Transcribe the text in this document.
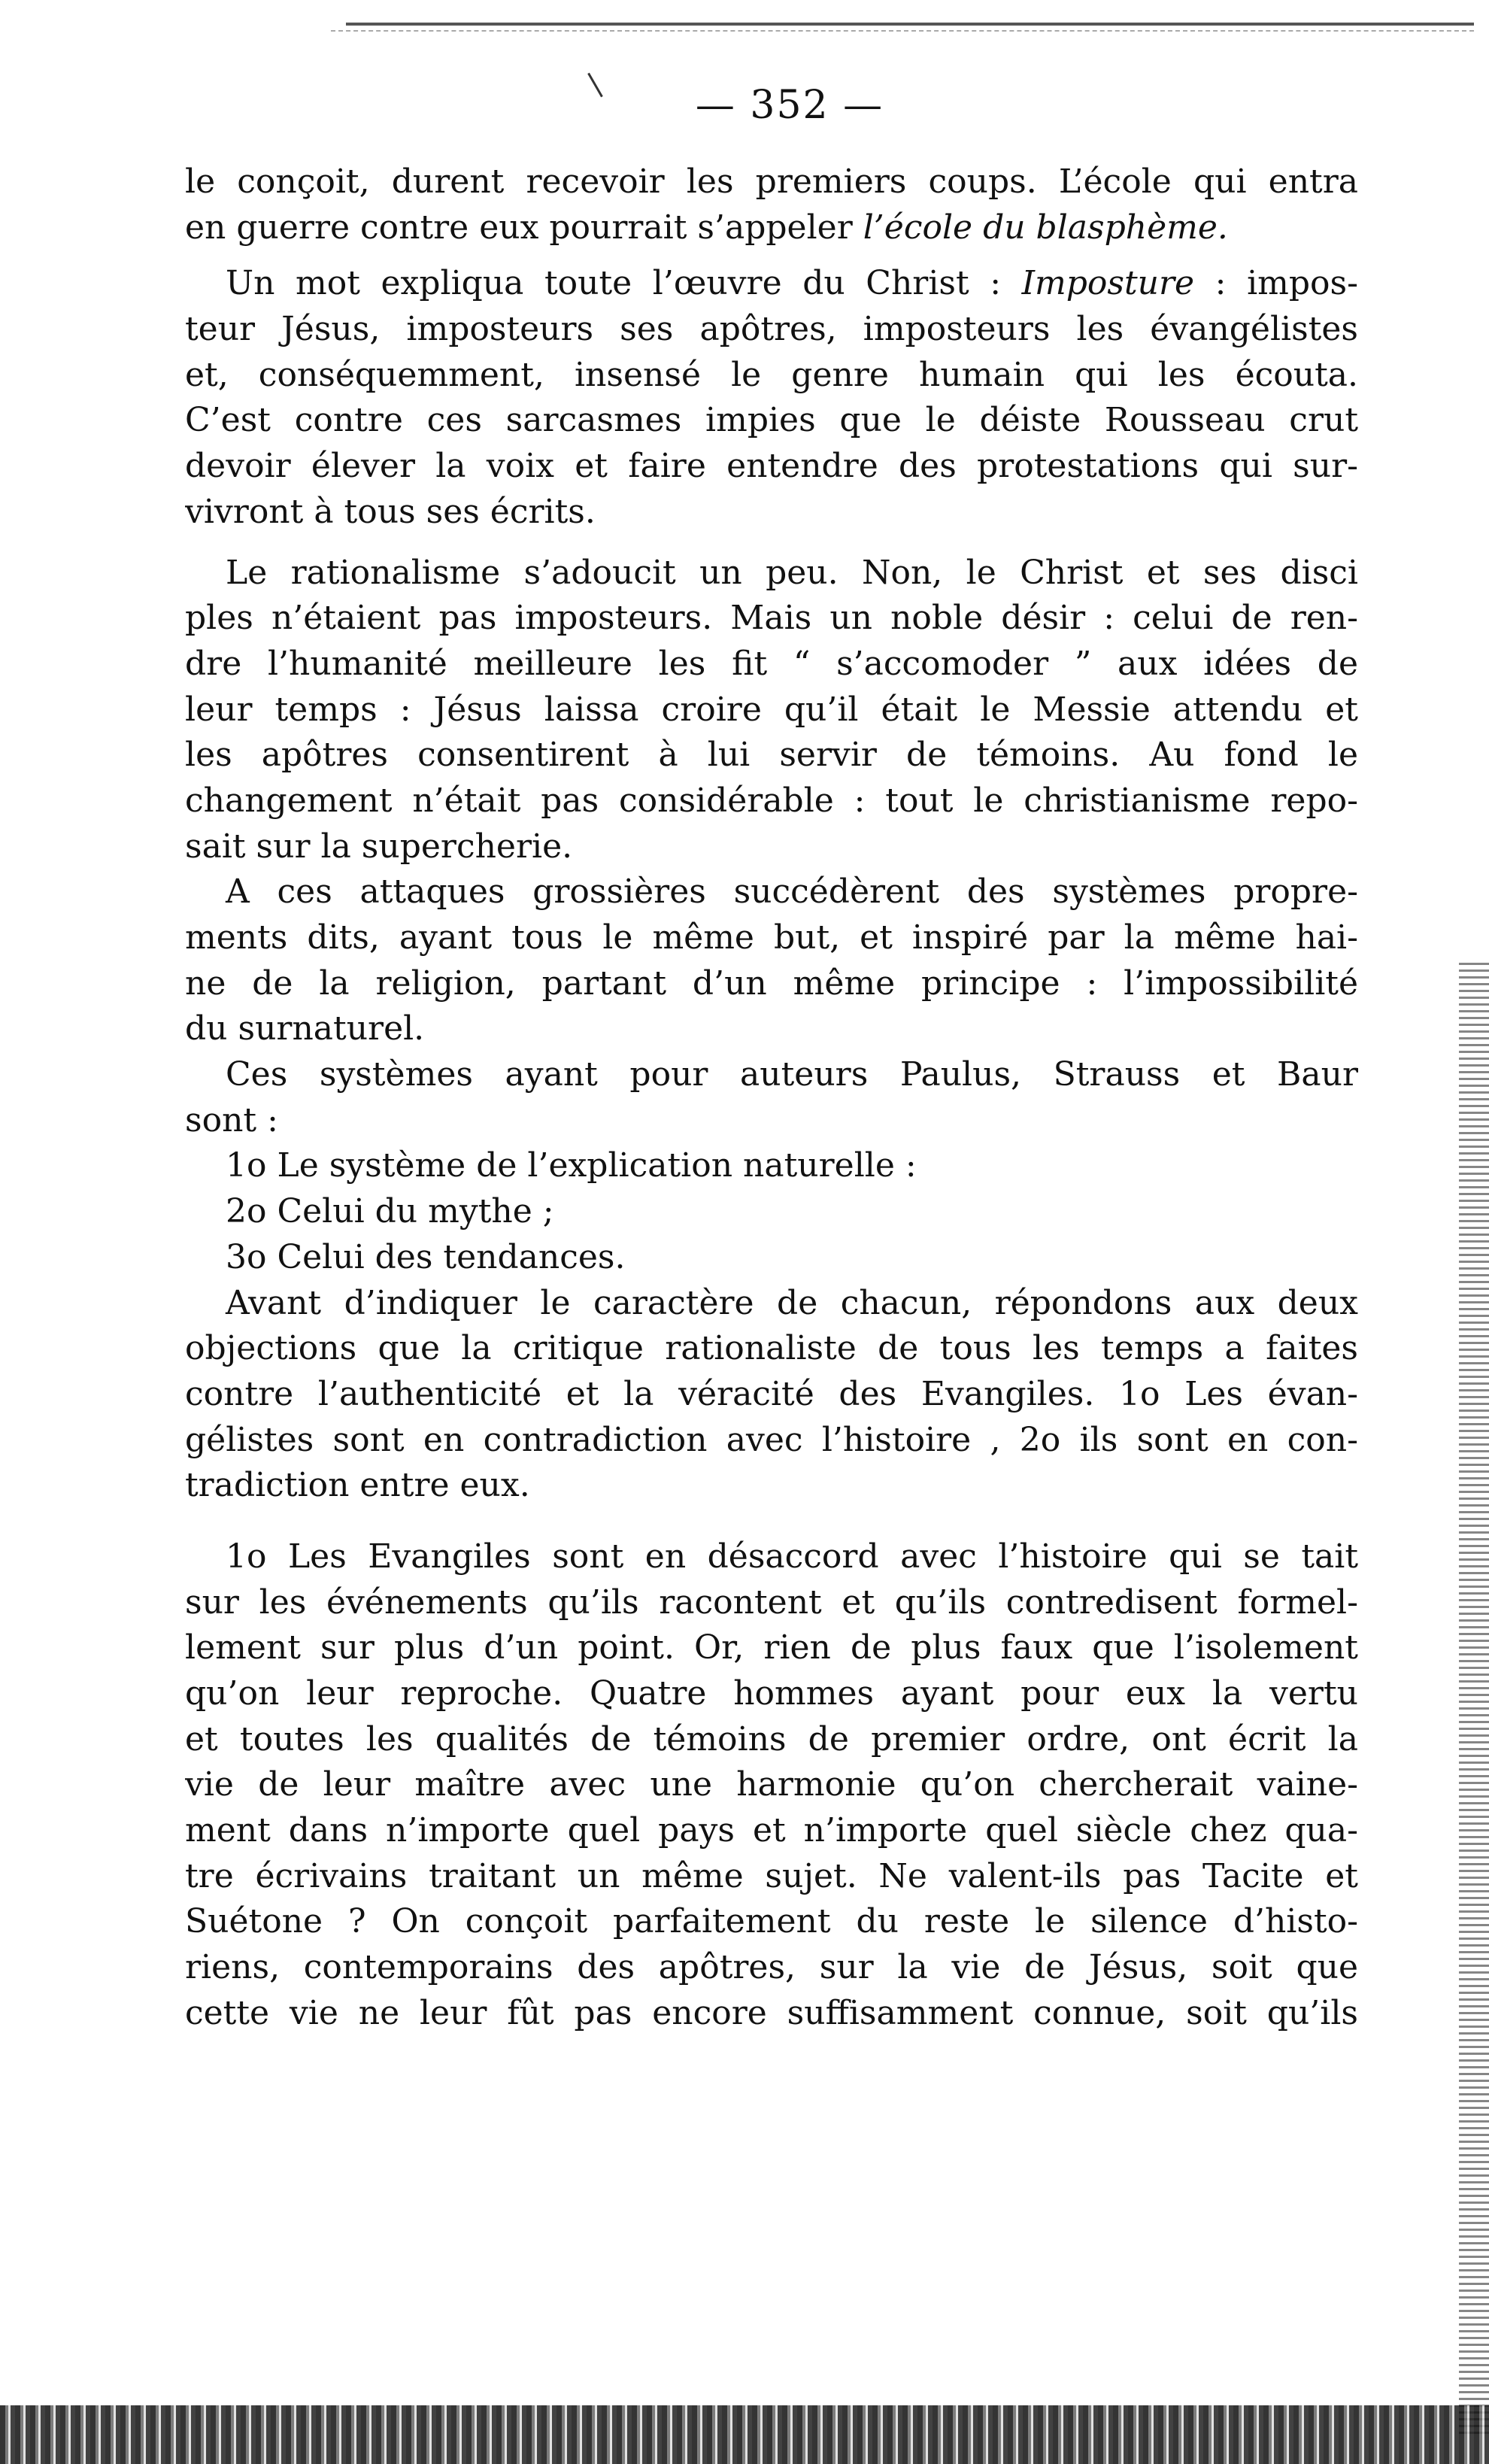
— 352 —
le conçoit, durent recevoir les premiers coups. L’école qui entra
en guerre contre eux pourrait s’appeler l’école du blasphème.
Un mot expliqua toute l’œuvre du Christ : Imposture : impos-
teur Jésus, imposteurs ses apôtres, imposteurs les évangélistes
et, conséquemment, insensé le genre humain qui les écouta.
C’est contre ces sarcasmes impies que le déiste Rousseau crut
devoir élever la voix et faire entendre des protestations qui sur-
vivront à tous ses écrits.
Le rationalisme s’adoucit un peu. Non, le Christ et ses disci
ples n’étaient pas imposteurs. Mais un noble désir : celui de ren-
dre l’humanité meilleure les fit “ s’accomoder ” aux idées de
leur temps : Jésus laissa croire qu’il était le Messie attendu et
les apôtres consentirent à lui servir de témoins. Au fond le
changement n’était pas considérable : tout le christianisme repo-
sait sur la supercherie.
A ces attaques grossières succédèrent des systèmes propre-
ments dits, ayant tous le même but, et inspiré par la même hai-
ne de la religion, partant d’un même principe : l’impossibilité
du surnaturel.
Ces systèmes ayant pour auteurs Paulus, Strauss et Baur
sont :
1o Le système de l’explication naturelle :
2o Celui du mythe ;
3o Celui des tendances.
Avant d’indiquer le caractère de chacun, répondons aux deux
objections que la critique rationaliste de tous les temps a faites
contre l’authenticité et la véracité des Evangiles. 1o Les évan-
gélistes sont en contradiction avec l’histoire , 2o ils sont en con-
tradiction entre eux.
1o Les Evangiles sont en désaccord avec l’histoire qui se tait
sur les événements qu’ils racontent et qu’ils contredisent formel-
lement sur plus d’un point. Or, rien de plus faux que l’isolement
qu’on leur reproche. Quatre hommes ayant pour eux la vertu
et toutes les qualités de témoins de premier ordre, ont écrit la
vie de leur maître avec une harmonie qu’on chercherait vaine-
ment dans n’importe quel pays et n’importe quel siècle chez qua-
tre écrivains traitant un même sujet. Ne valent-ils pas Tacite et
Suétone ? On conçoit parfaitement du reste le silence d’histo-
riens, contemporains des apôtres, sur la vie de Jésus, soit que
cette vie ne leur fût pas encore suffisamment connue, soit qu’ils
